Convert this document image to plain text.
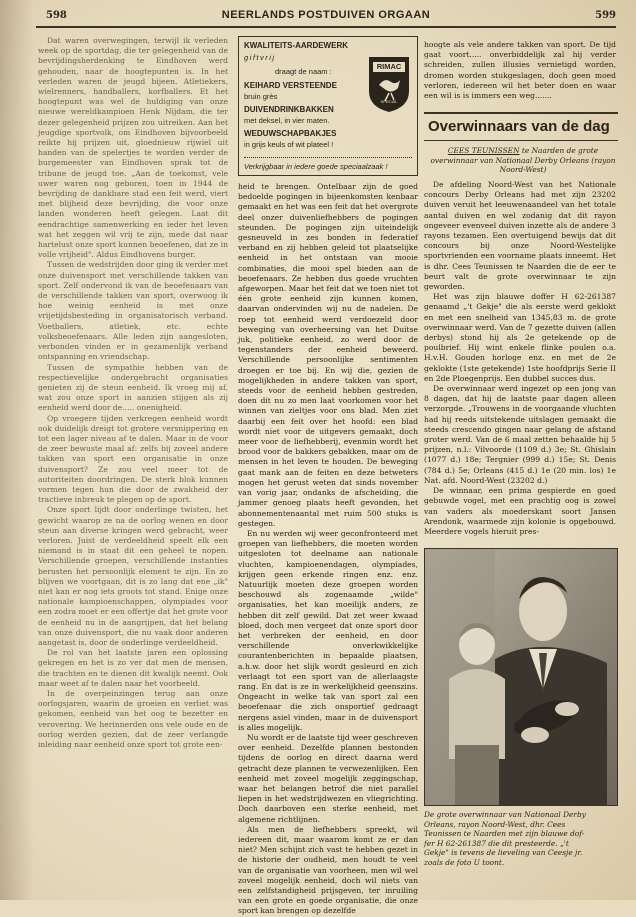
598	NEERLANDS POSTDUIVEN ORGAAN	599

Dat waren overwegingen, terwijl ik verleden week op de sportdag, die ter gelegenheid van de bevrijdingsherdenking te Eindhoven werd gehouden, naar de hoogtepunten is. In het verleden waren de jeugd bijeen. Atletiekers, wielrenners, handballers, korfballers. Et het hoogtepunt was wel de huldiging van onze nieuwe wereldkampioen Henk Nijdam, die ter dezer gelegenheid prijzen zou uitreiken. Aan het jeugdige sportvolk, om Eindhoven bijvoorbeeld reikte hij prijzen uit, gloednieuw rijwiel uit handen van de spelertjes te worden verder de burgemeester van Eindhoven sprak tot de tribune de jeugd toe. „Aan de toekomst, vele uwer waren nog geboren, toen in 1944 de bevrijding de dankbare stad een feit werd, viert met blijheid deze bevrijding, die voor onze landen wonderen heeft gelegen. Laat dit eendrachtige samenwerking en ieder het leven wat het zeggen wil vrij te zijn, mede dat naar hartelust onze sport kunnen beoefenen, dat ze in volle vrijheid". Aldus Eindhovens burger.

Tussen de wedstrijden door ging ik verder met onze duivensport met verschillende takken van sport. Zelf ondervond ik van de beoefenaars van de verschillende takken van sport, overwoog ik hoe weinig eenheid is met onze vrijetijdsbesteding in organisatorisch verband. Voetballers, atletiek, etc. echte volksbeoefenaars. Alle leden zijn aangesloten, verbonden vinden er in gezamenlijk verband ontspanning en vriendschap.

Tussen de sympathie hebben van de respectievelijke ondergebracht organisaties genieten zij de steun eenheid. Ik vroeg mij af, wat zou onze sport in aanzien stijgen als zij eenheid werd door de..... onenigheid.

Op vroegere tijden verkregen eenheid wordt ook duidelijk dreigt tot grotere versnippering en tot een lager niveau af te dalen. Maar in de voor de zeer bewuste maal af: zelfs bij zoveel andere takken van sport een organisatie in onze duivensport? Ze zou veel meer tot de autoriteiten doordringen. De sterk blok kunnen vormen tegen hun die door de zwakheid der tractieve inbreuk te plegen op de sport.

Onze sport lijdt door onderlinge twisten, het gewicht waarop ze na de oorlog wenen en door steun aan diverse kringen werd gebracht, weer verloren. Juist de verdeeldheid speelt elk een niemand is in staat dit een geheel te nopen. Verschillende groepen, verschillende instanties berusten het persoonlijk element te zijn. En zo blijven we voortgaan, dit is zo lang dat ene „ik" niet kan er nog iets groots tot stand. Enige onze nationale kampioenschappen, olympiades voor een zodra moet er een offertje dat het grote voor de eenheid nu in de aangrijpen, dat het belang van onze duivensport, die nu vaak door anderen aangetast is, door de onderlinge verdeeldheid.

De rol van het laatste jaren een oplossing gekregen en het is zo ver dat men de mensen, die trachten en te dienen dit kwalijk neemt. Ook maar weet af te dalen naar het voorbeeld.

In de overpeinzingen terug aan onze oorlogsjaren, waarin de groeien en verliet was gekomen, eenheid van het oog te bezetter en verovering. We herinnerden ons vele oude en de oorlog werden gezien, dat de zeer verlangde inleiding naar eenheid onze sport tot grote een-

KWALITEITS-AARDEWERK
giftvrij
draagt de naam :
KEIHARD VERSTEENDE
bruin grès
DUIVENDRINKBAKKEN
met deksel, in vier maten.
WEDUWSCHAPBAKJES
in grijs keuls of wit plateel !
Verkrijgbaar in iedere goede speciaalzaak !
RIMAC
SPECIAL

heid te brengen. Ontelbaar zijn de goed bedoelde pogingen in bijeenkomsten kenbaar gemaakt en het was een feit dat het overgrote deel onzer duivenliefhebbers de pogingen steunden. De pogingen zijn uiteindelijk gesneuveld in zes bonden in federatief verband en zij hebben geleid tot plaatselijke eenheid in het ontstaan van mooie combinaties, die mooi spel bieden aan de beoefenaars. Ze hebben dus goede vruchten afgeworpen. Maar het feit dat we toen niet tot één grote eenheid zijn kunnen komen, daarvan ondervinden wij nu de nadelen. De roep tot eenheid werd verdoezeld door beweging van overheersing van het Duitse juk, politieke eenheid, zo werd door de tegenstanders der eenheid beweerd. Verschillende persoonlijke sentimenten droegen er toe bij. En wij die, gezien de mogelijkheden in andere takken van sport, steeds voor de eenheid hebben gestreden, doen dit nu zo men laat voorkomen voor het winnen van zieltjes voor ons blad. Men ziet daarbij een feit over het hoofd: een blad wordt niet voor de uitgevers gemaakt, doch meer voor de liefhebberij, evenmin wordt het brood voor de bakkers gebakken, maar om de mensen in het leven te houden. De beweging gaat mank aan de feiten en deze betweters mogen het gerust weten dat sinds november van vorig jaar, ondanks de afscheiding, die jammer genoeg plaats heeft gevonden, het abonnementenaantal met ruim 500 stuks is gestegen.

En nu werden wij weer geconfronteerd met groepen van liefhebbers, die moeten worden uitgesloten tot deelname aan nationale vluchten, kampioenendagen, olympiades, krijgen geen erkende ringen enz. enz. Natuurlijk moeten deze groepen worden beschouwd als zogenaamde „wilde" organisaties, het kan moeilijk anders, ze hebben dit zelf gewild. Dat zet weer kwaad bloed, doch men vergeet dat onze sport door het verbreken der eenheid, en door verschillende onverkwikkelijke courantenberichten in bepaalde plaatsen, a.h.w. door het slijk wordt gesleurd en zich verlaagt tot een sport van de allerlaagste rang. En dat is ze in werkelijkheid geenszins. Ongeacht in welke tak van sport zal een beoefenaar die zich onsportief gedraagt nergens asiel vinden, maar in de duivensport is alles mogelijk.

Nu wordt er de laatste tijd weer geschreven over eenheid. Dezelfde plannen bestonden tijdens de oorlog en direct daarna werd getracht deze plannen te verwezenlijken. Een eenheid met zoveel mogelijk zeggingschap, waar het belangen betrof die niet parallel liepen in het wedstrijdwezen en vliegrichting. Doch daarboven een sterke eenheid, met algemene richtlijnen.

Als men de liefhebbers spreekt, wil iedereen dit, maar waarom komt ze er dan niet? Men schijnt zich vast te hebben gezet in de historie der oudheid, men houdt te veel van de organisatie van voorheen, men wil wel zoveel mogelijk eenheid, doch wil niets van een zelfstandigheid prijsgeven, ter inruiling van een grote en goede organisatie, die onze sport kan brengen op dezelfde

hoogte als vele andere takken van sport. De tijd gaat voort..... onverbiddelijk zal hij verder schreiden, zullen illusies vernietigd worden, dromen worden stukgeslagen, doch geen moed verloren, iedereen wil het beter doen en waar een wil is is immers een weg.......

Overwinnaars van de dag
CEES TEUNISSEN te Naarden de grote overwinnaar van Nationaal Derby Orleans (rayon Noord-West)

De afdeling Noord-West van het Nationale concours Derby Orleans had met zijn 23202 duiven veruit het leeuwenaandeel van het totale aantal duiven en wel zodanig dat dit rayon ongeveer evenveel duiven inzette als de andere 3 rayons tezamen. Een overtuigend bewijs dat dit concours bij onze Noord-Westelijke sportvrienden een voorname plaats inneemt. Het is dhr. Cees Teunissen te Naarden die de eer te beurt valt de grote overwinnaar te zijn geworden.

Het was zijn blauwe doffer H 62-261387 genaamd „'t Gekje" die als eerste werd geklokt en met een snelheid van 1345,83 m. de grote overwinnaar werd. Van de 7 gezette duiven (allen derbys) stond hij als 2e getekende op de poulbrief. Hij wint enkele flinke poulen o.a. H.v.H. Gouden horloge enz. en met de 2e geklokte (1ste getekende) 1ste hoofdprijs Serie II en 2de Ploegenprijs. Een dubbel succes dus.

De overwinnaar werd ingezet op een jong van 8 dagen, dat hij de laatste paar dagen alleen verzorgde. „Trouwens in de voorgaande vluchten had hij reeds uitstekende uitslagen gemaakt die steeds crescendo gingen naar gelang de afstand groter werd. Van de 6 maal zetten behaalde hij 5 prijzen, n.l.: Vilvoorde (1109 d.) 3e; St. Ghislain (1077 d.) 18e; Tergnier (999 d.) 15e; St. Denis (784 d.) 5e; Orleans (415 d.) 1e (20 min. los) 1e Nat. afd. Noord-West (23202 d.)

De winnaar, een prima gespierde en goed gebuwde vogel, met een prachtig oog is zowel van vaders als moederskant soort Jansen Arendonk, waarmede zijn kolonie is opgebouwd. Meerdere vogels hieruit pres-

De grote overwinnaar van Nationaal Derby
Orleans, rayon Noord-West, dhr. Cees
Teunissen te Naarden met zijn blauwe dof-
fer H 62-261387 die dit presteerde. „'t
Gekje" is tevens de lieveling van Ceesje jr.
zoals de foto U toont.
